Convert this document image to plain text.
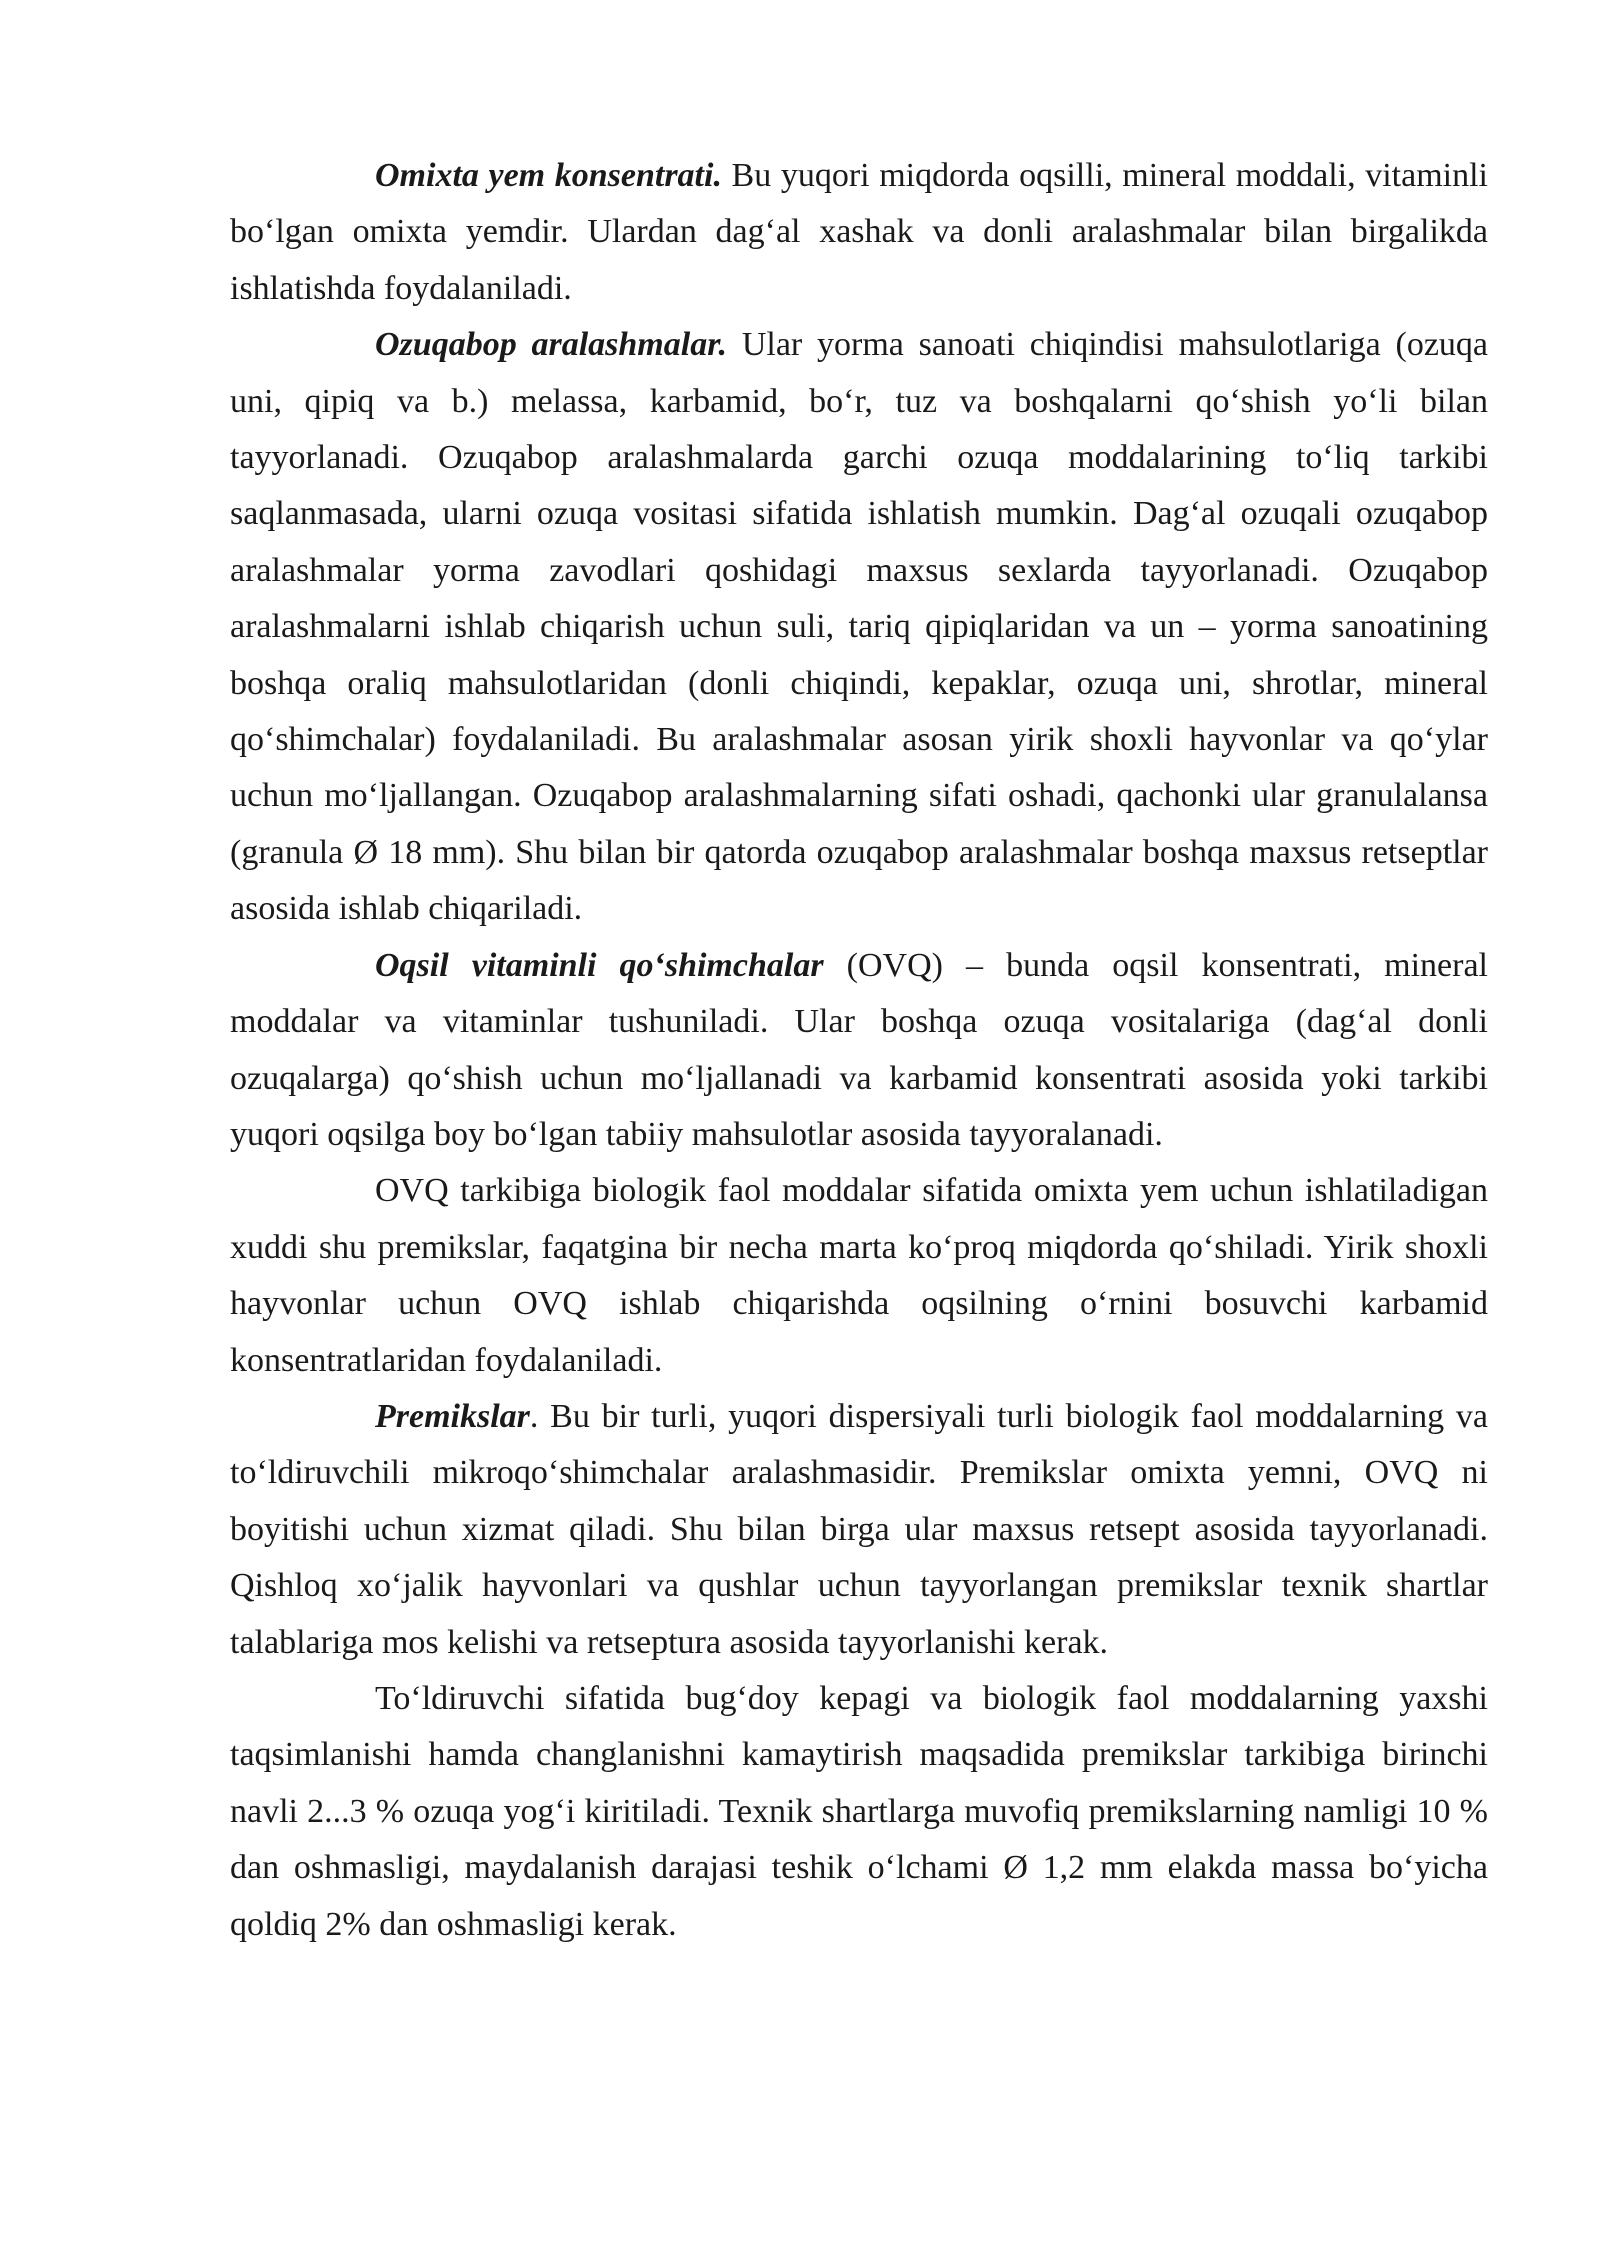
Omixta yem konsentrati. Bu yuqori miqdorda oqsilli, mineral moddali, vitaminli bo‘lgan omixta yemdir. Ulardan dag‘al xashak va donli aralashmalar bilan birgalikda ishlatishda foydalaniladi.

Ozuqabop aralashmalar. Ular yorma sanoati chiqindisi mahsulotlariga (ozuqa uni, qipiq va b.) melassa, karbamid, bo‘r, tuz va boshqalarni qo‘shish yo‘li bilan tayyorlanadi. Ozuqabop aralashmalarda garchi ozuqa moddalarining to‘liq tarkibi saqlanmasada, ularni ozuqa vositasi sifatida ishlatish mumkin. Dag‘al ozuqali ozuqabop aralashmalar yorma zavodlari qoshidagi maxsus sexlarda tayyorlanadi. Ozuqabop aralashmalarni ishlab chiqarish uchun suli, tariq qipiqlaridan va un – yorma sanoatining boshqa oraliq mahsulotlaridan (donli chiqindi, kepaklar, ozuqa uni, shrotlar, mineral qo‘shimchalar) foydalaniladi. Bu aralashmalar asosan yirik shoxli hayvonlar va qo‘ylar uchun mo‘ljallangan. Ozuqabop aralashmalarning sifati oshadi, qachonki ular granulalansa (granula Ø 18 mm). Shu bilan bir qatorda ozuqabop aralashmalar boshqa maxsus retseptlar asosida ishlab chiqariladi.

Oqsil vitaminli qo‘shimchalar (OVQ) – bunda oqsil konsentrati, mineral moddalar va vitaminlar tushuniladi. Ular boshqa ozuqa vositalariga (dag‘al donli ozuqalarga) qo‘shish uchun mo‘ljallanadi va karbamid konsentrati asosida yoki tarkibi yuqori oqsilga boy bo‘lgan tabiiy mahsulotlar asosida tayyoralanadi.

OVQ tarkibiga biologik faol moddalar sifatida omixta yem uchun ishlatiladigan xuddi shu premikslar, faqatgina bir necha marta ko‘proq miqdorda qo‘shiladi. Yirik shoxli hayvonlar uchun OVQ ishlab chiqarishda oqsilning o‘rnini bosuvchi karbamid konsentratlaridan foydalaniladi.

Premikslar. Bu bir turli, yuqori dispersiyali turli biologik faol moddalarning va to‘ldiruvchili mikroqo‘shimchalar aralashmasidir. Premikslar omixta yemni, OVQ ni boyitishi uchun xizmat qiladi. Shu bilan birga ular maxsus retsept asosida tayyorlanadi. Qishloq xo‘jalik hayvonlari va qushlar uchun tayyorlangan premikslar texnik shartlar talablariga mos kelishi va retseptura asosida tayyorlanishi kerak.

To‘ldiruvchi sifatida bug‘doy kepagi va biologik faol moddalarning yaxshi taqsimlanishi hamda changlanishni kamaytirish maqsadida premikslar tarkibiga birinchi navli 2...3 % ozuqa yog‘i kiritiladi. Texnik shartlarga muvofiq premikslarning namligi 10 % dan oshmasligi, maydalanish darajasi teshik o‘lchami Ø 1,2 mm elakda massa bo‘yicha qoldiq 2% dan oshmasligi kerak.
